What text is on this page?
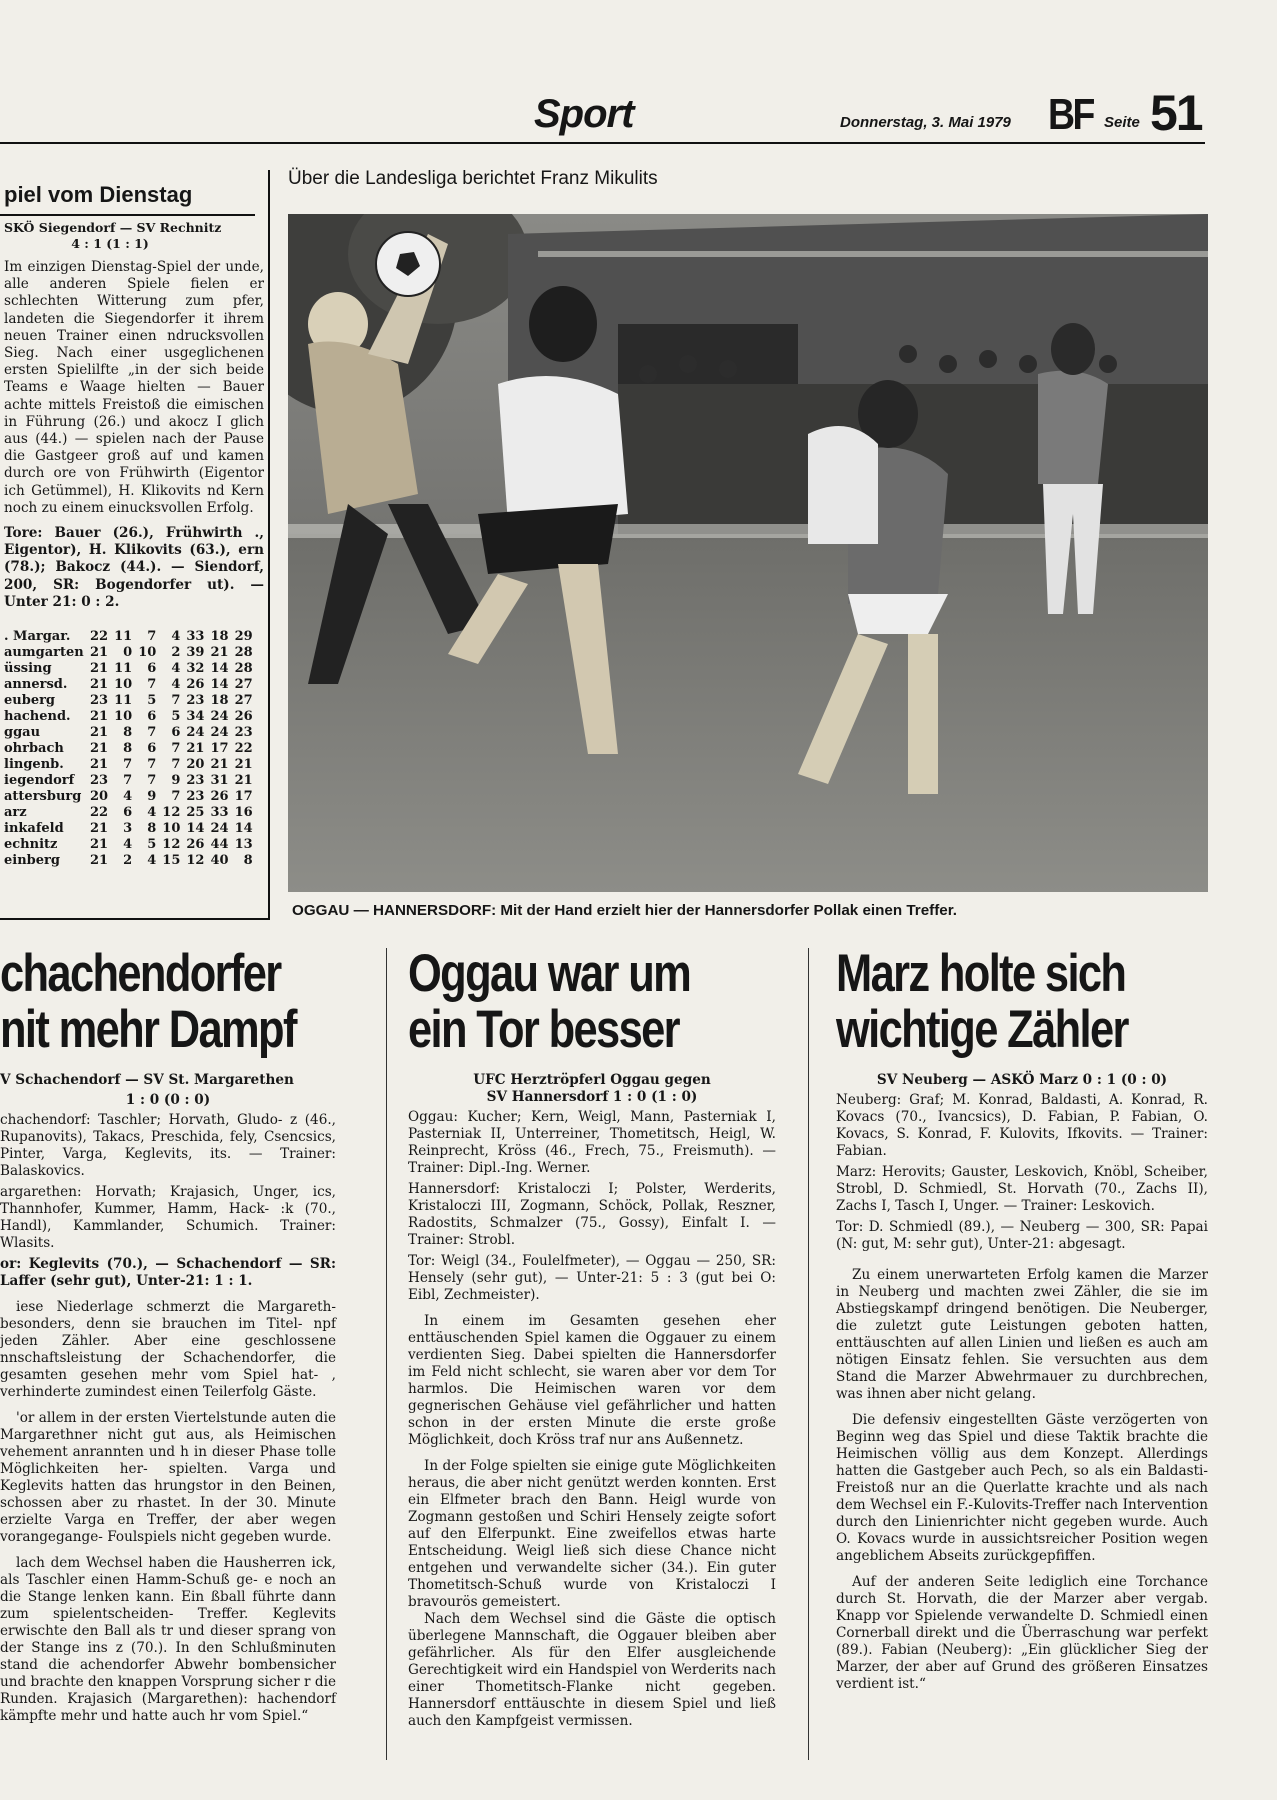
Sport	Donnerstag, 3. Mai 1979 BF Seite 51
Über die Landesliga berichtet Franz Mikulits
piel vom Dienstag
SKÖ Siegendorf — SV Rechnitz
4 : 1 (1 : 1)

Im einzigen Dienstag-Spiel der unde, alle anderen Spiele fielen er schlechten Witterung zum pfer, landeten die Siegendorfer it ihrem neuen Trainer einen ndrucksvollen Sieg. Nach einer usgeglichenen ersten Spielilfte „in der sich beide Teams e Waage hielten — Bauer achte mittels Freistoß die eimischen in Führung (26.) und akocz I glich aus (44.) — spielen nach der Pause die Gastgeer groß auf und kamen durch ore von Frühwirth (Eigentor ich Getümmel), H. Klikovits nd Kern noch zu einem einucksvollen Erfolg.

Tore: Bauer (26.), Frühwirth ., Eigentor), H. Klikovits (63.), ern (78.); Bakocz (44.). — Siendorf, 200, SR: Bogendorfer ut). — Unter 21: 0 : 2.

. Margar.	22	11	7	4	33	18	29
aumgarten	21	0	10	2	39	21	28
üssing	21	11	6	4	32	14	28
annersd.	21	10	7	4	26	14	27
euberg	23	11	5	7	23	18	27
hachend.	21	10	6	5	34	24	26
ggau	21	8	7	6	24	24	23
ohrbach	21	8	6	7	21	17	22
lingenb.	21	7	7	7	20	21	21
iegendorf	23	7	7	9	23	31	21
attersburg	20	4	9	7	23	26	17
arz	22	6	4	12	25	33	16
inkafeld	21	3	8	10	14	24	14
echnitz	21	4	5	12	26	44	13
einberg	21	2	4	15	12	40	8
OGGAU — HANNERSDORF: Mit der Hand erzielt hier der Hannersdorfer Pollak einen Treffer.
chachendorfer
nit mehr Dampf
V Schachendorf — SV St. Margarethen
1 : 0 (0 : 0)

chachendorf: Taschler; Horvath, Gludo- z (46., Rupanovits), Takacs, Preschida, fely, Csencsics, Pinter, Varga, Keglevits, its. — Trainer: Balaskovics.

argarethen: Horvath; Krajasich, Unger, ics, Thannhofer, Kummer, Hamm, Hack- :k (70., Handl), Kammlander, Schumich. Trainer: Wlasits.

or: Keglevits (70.), — Schachendorf — SR: Laffer (sehr gut), Unter-21: 1 : 1.

iese Niederlage schmerzt die Margareth- besonders, denn sie brauchen im Titel- npf jeden Zähler. Aber eine geschlossene nnschaftsleistung der Schachendorfer, die gesamten gesehen mehr vom Spiel hat- , verhinderte zumindest einen Teilerfolg Gäste.

'or allem in der ersten Viertelstunde auten die Margarethner nicht gut aus, als Heimischen vehement anrannten und h in dieser Phase tolle Möglichkeiten her- spielten. Varga und Keglevits hatten das hrungstor in den Beinen, schossen aber zu rhastet. In der 30. Minute erzielte Varga en Treffer, der aber wegen vorangegange- Foulspiels nicht gegeben wurde.

lach dem Wechsel haben die Hausherren ick, als Taschler einen Hamm-Schuß ge- e noch an die Stange lenken kann. Ein ßball führte dann zum spielentscheiden- Treffer. Keglevits erwischte den Ball als tr und dieser sprang von der Stange ins z (70.). In den Schlußminuten stand die achendorfer Abwehr bombensicher und brachte den knappen Vorsprung sicher r die Runden. Krajasich (Margarethen): hachendorf kämpfte mehr und hatte auch hr vom Spiel.“

Oggau war um
ein Tor besser
UFC Herztröpferl Oggau gegen
SV Hannersdorf 1 : 0 (1 : 0)

Oggau: Kucher; Kern, Weigl, Mann, Pasterniak I, Pasterniak II, Unterreiner, Thometitsch, Heigl, W. Reinprecht, Kröss (46., Frech, 75., Freismuth). — Trainer: Dipl.-Ing. Werner.

Hannersdorf: Kristaloczi I; Polster, Werderits, Kristaloczi III, Zogmann, Schöck, Pollak, Reszner, Radostits, Schmalzer (75., Gossy), Einfalt I. — Trainer: Strobl.

Tor: Weigl (34., Foulelfmeter), — Oggau — 250, SR: Hensely (sehr gut), — Unter-21: 5 : 3 (gut bei O: Eibl, Zechmeister).

In einem im Gesamten gesehen eher enttäuschenden Spiel kamen die Oggauer zu einem verdienten Sieg. Dabei spielten die Hannersdorfer im Feld nicht schlecht, sie waren aber vor dem Tor harmlos. Die Heimischen waren vor dem gegnerischen Gehäuse viel gefährlicher und hatten schon in der ersten Minute die erste große Möglichkeit, doch Kröss traf nur ans Außennetz.

In der Folge spielten sie einige gute Möglichkeiten heraus, die aber nicht genützt werden konnten. Erst ein Elfmeter brach den Bann. Heigl wurde von Zogmann gestoßen und Schiri Hensely zeigte sofort auf den Elferpunkt. Eine zweifellos etwas harte Entscheidung. Weigl ließ sich diese Chance nicht entgehen und verwandelte sicher (34.). Ein guter Thometitsch-Schuß wurde von Kristaloczi I bravourös gemeistert.

Nach dem Wechsel sind die Gäste die optisch überlegene Mannschaft, die Oggauer bleiben aber gefährlicher. Als für den Elfer ausgleichende Gerechtigkeit wird ein Handspiel von Werderits nach einer Thometitsch-Flanke nicht gegeben. Hannersdorf enttäuschte in diesem Spiel und ließ auch den Kampfgeist vermissen.

Marz holte sich
wichtige Zähler
SV Neuberg — ASKÖ Marz 0 : 1 (0 : 0)

Neuberg: Graf; M. Konrad, Baldasti, A. Konrad, R. Kovacs (70., Ivancsics), D. Fabian, P. Fabian, O. Kovacs, S. Konrad, F. Kulovits, Ifkovits. — Trainer: Fabian.

Marz: Herovits; Gauster, Leskovich, Knöbl, Scheiber, Strobl, D. Schmiedl, St. Horvath (70., Zachs II), Zachs I, Tasch I, Unger. — Trainer: Leskovich.

Tor: D. Schmiedl (89.), — Neuberg — 300, SR: Papai (N: gut, M: sehr gut), Unter-21: abgesagt.

Zu einem unerwarteten Erfolg kamen die Marzer in Neuberg und machten zwei Zähler, die sie im Abstiegskampf dringend benötigen. Die Neuberger, die zuletzt gute Leistungen geboten hatten, enttäuschten auf allen Linien und ließen es auch am nötigen Einsatz fehlen. Sie versuchten aus dem Stand die Marzer Abwehrmauer zu durchbrechen, was ihnen aber nicht gelang.

Die defensiv eingestellten Gäste verzögerten von Beginn weg das Spiel und diese Taktik brachte die Heimischen völlig aus dem Konzept. Allerdings hatten die Gastgeber auch Pech, so als ein Baldasti-Freistoß nur an die Querlatte krachte und als nach dem Wechsel ein F.-Kulovits-Treffer nach Intervention durch den Linienrichter nicht gegeben wurde. Auch O. Kovacs wurde in aussichtsreicher Position wegen angeblichem Abseits zurückgepfiffen.

Auf der anderen Seite lediglich eine Torchance durch St. Horvath, die der Marzer aber vergab. Knapp vor Spielende verwandelte D. Schmiedl einen Cornerball direkt und die Überraschung war perfekt (89.). Fabian (Neuberg): „Ein glücklicher Sieg der Marzer, der aber auf Grund des größeren Einsatzes verdient ist.“
